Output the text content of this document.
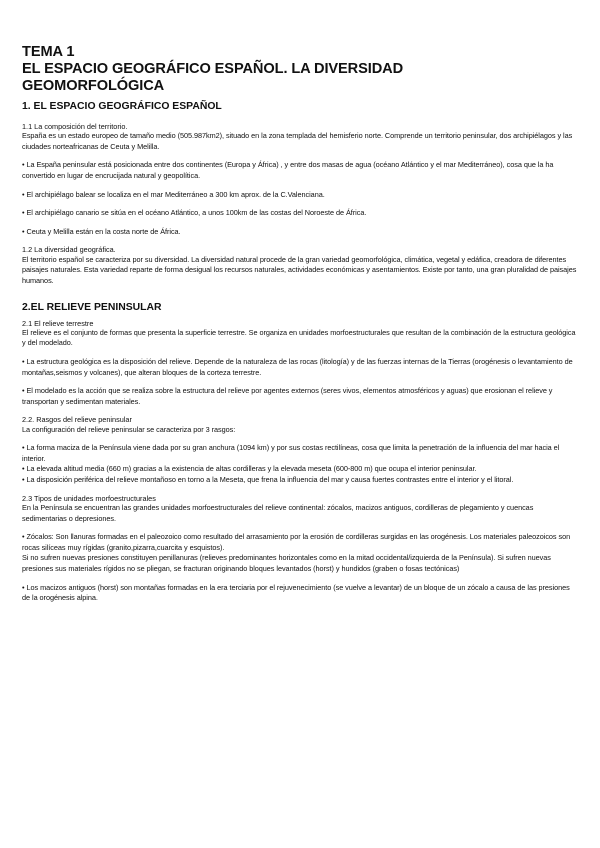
TEMA 1
EL ESPACIO GEOGRÁFICO ESPAÑOL. LA DIVERSIDAD
GEOMORFOLÓGICA
1. EL ESPACIO GEOGRÁFICO ESPAÑOL

1.1 La composición del territorio.

España es un estado europeo de tamaño medio (505.987km2), situado en la zona templada del hemisferio norte. Comprende un territorio peninsular, dos archipiélagos y las ciudades norteafricanas de Ceuta y Melilla.

• La España peninsular está posicionada entre dos continentes (Europa y África) , y entre dos masas de agua (océano Atlántico y el mar Mediterráneo), cosa que la ha convertido en lugar de encrucijada natural y geopolítica.

• El archipiélago balear se localiza en el mar Mediterráneo a 300 km aprox. de la C.Valenciana.

• El archipiélago canario se sitúa en el océano Atlántico, a unos 100km de las costas del Noroeste de África.

• Ceuta y Melilla están en la costa norte de África.

1.2 La diversidad geográfica.

El territorio español se caracteriza por su diversidad. La diversidad natural procede de la gran variedad geomorfológica, climática, vegetal y edáfica, creadora de diferentes paisajes naturales. Esta variedad reparte de forma desigual los recursos naturales, actividades económicas y asentamientos. Existe por tanto, una gran pluralidad de paisajes humanos.

2.EL RELIEVE PENINSULAR

2.1 El relieve terrestre

El relieve es el conjunto de formas que presenta la superficie terrestre. Se organiza en unidades morfoestructurales que resultan de la combinación de la estructura geológica y del modelado.

• La estructura geológica es la disposición del relieve. Depende de la naturaleza de las rocas (litología) y de las fuerzas internas de la Tierras (orogénesis o levantamiento de montañas,seismos y volcanes), que alteran bloques de la corteza terrestre.

• El modelado es la acción que se realiza sobre la estructura del relieve por agentes externos (seres vivos, elementos atmosféricos y aguas) que erosionan el relieve y transportan y sedimentan materiales.

2.2. Rasgos del relieve peninsular

La configuración del relieve peninsular se caracteriza por 3 rasgos:

• La forma maciza de la Península viene dada por su gran anchura (1094 km) y por sus costas rectilíneas, cosa que limita la penetración de la influencia del mar hacia el interior.

• La elevada altitud media (660 m) gracias a la existencia de altas cordilleras y la elevada meseta (600-800 m) que ocupa el interior peninsular.

• La disposición periférica del relieve montañoso en torno a la Meseta, que frena la influencia del mar y causa fuertes contrastes entre el interior y el litoral.

2.3 Tipos de unidades morfoestructurales

En la Península se encuentran las grandes unidades morfoestructurales del relieve continental: zócalos, macizos antiguos, cordilleras de plegamiento y cuencas sedimentarias o depresiones.

• Zócalos: Son llanuras formadas en el paleozoico como resultado del arrasamiento por la erosión de cordilleras surgidas en las orogénesis. Los materiales paleozoicos son rocas silíceas muy rígidas (granito,pizarra,cuarcita y esquistos).

Si no sufren nuevas presiones constituyen penillanuras (relieves predominantes horizontales como en la mitad occidental/izquierda de la Península). Si sufren nuevas presiones sus materiales rígidos no se pliegan, se fracturan originando bloques levantados (horst) y hundidos (graben o fosas tectónicas)

• Los macizos antiguos (horst) son montañas formadas en la era terciaria por el rejuvenecimiento (se vuelve a levantar) de un bloque de un zócalo a causa de las presiones de la orogénesis alpina.
